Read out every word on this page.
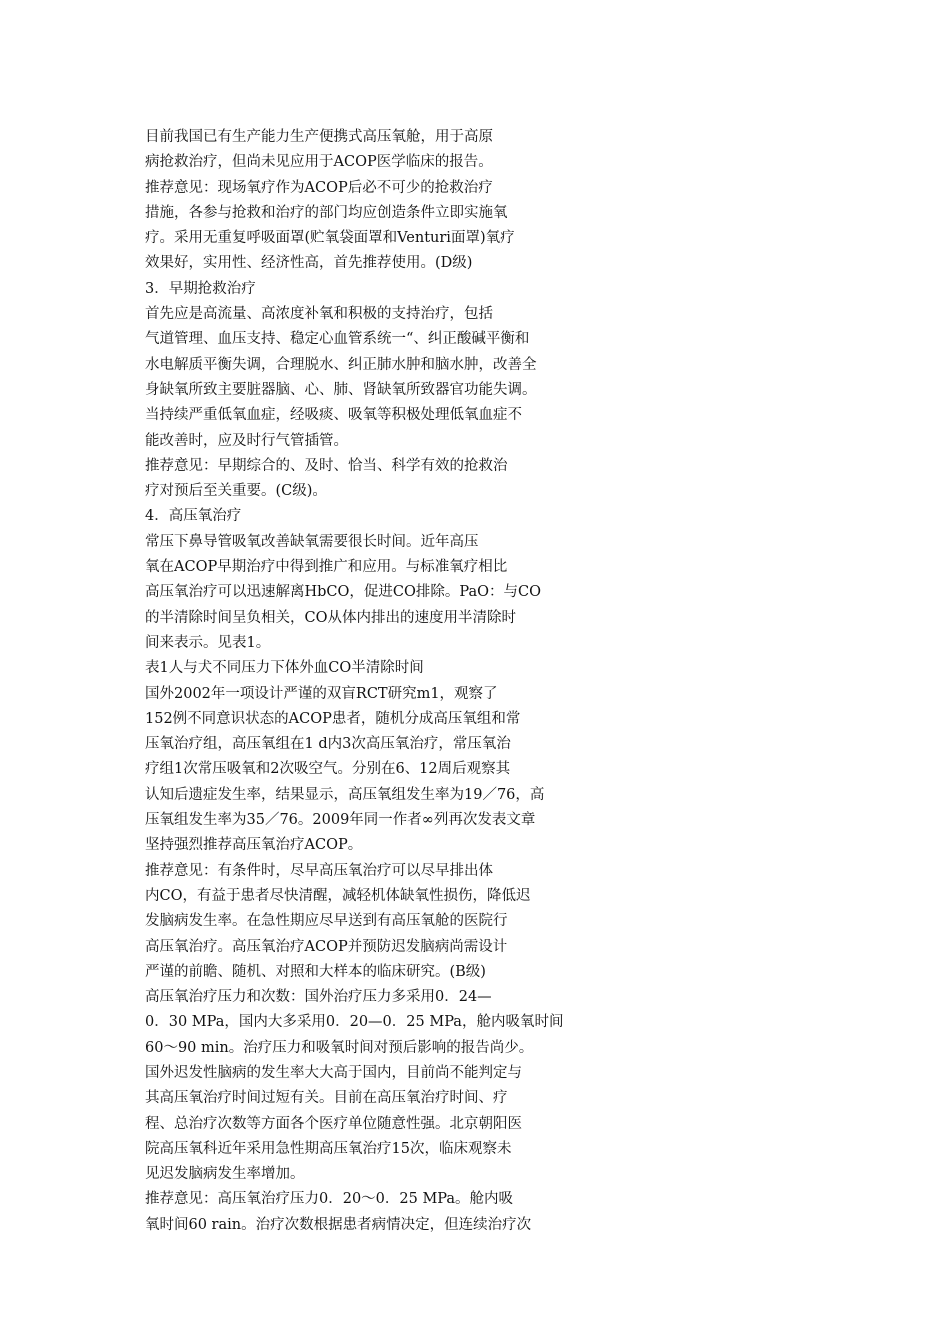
目前我国已有生产能力生产便携式高压氧舱，用于高原
病抢救治疗，但尚未见应用于ACOP医学临床的报告。
推荐意见：现场氧疗作为ACOP后必不可少的抢救治疗
措施，各参与抢救和治疗的部门均应创造条件立即实施氧
疗。采用无重复呼吸面罩(贮氧袋面罩和Venturi面罩)氧疗
效果好，实用性、经济性高，首先推荐使用。(D级)
3．早期抢救治疗
首先应是高流量、高浓度补氧和积极的支持治疗，包括
气道管理、血压支持、稳定心血管系统一“、纠正酸碱平衡和
水电解质平衡失调，合理脱水、纠正肺水肿和脑水肿，改善全
身缺氧所致主要脏器脑、心、肺、肾缺氧所致器官功能失调。
当持续严重低氧血症，经吸痰、吸氧等积极处理低氧血症不
能改善时，应及时行气管插管。
推荐意见：早期综合的、及时、恰当、科学有效的抢救治
疗对预后至关重要。(C级)。
4．高压氧治疗
常压下鼻导管吸氧改善缺氧需要很长时间。近年高压
氧在ACOP早期治疗中得到推广和应用。与标准氧疗相比
高压氧治疗可以迅速解离HbCO，促进CO排除。PaO：与CO
的半清除时间呈负相关，CO从体内排出的速度用半清除时
间来表示。见表1。
表1人与犬不同压力下体外血CO半清除时间
国外2002年一项设计严谨的双盲RCT研究m1，观察了
152例不同意识状态的ACOP患者，随机分成高压氧组和常
压氧治疗组，高压氧组在1 d内3次高压氧治疗，常压氧治
疗组1次常压吸氧和2次吸空气。分别在6、12周后观察其
认知后遗症发生率，结果显示，高压氧组发生率为19／76，高
压氧组发生率为35／76。2009年同一作者∞列再次发表文章
坚持强烈推荐高压氧治疗ACOP。
推荐意见：有条件时，尽早高压氧治疗可以尽早排出体
内CO，有益于患者尽快清醒，减轻机体缺氧性损伤，降低迟
发脑病发生率。在急性期应尽早送到有高压氧舱的医院行
高压氧治疗。高压氧治疗ACOP并预防迟发脑病尚需设计
严谨的前瞻、随机、对照和大样本的临床研究。(B级)
高压氧治疗压力和次数：国外治疗压力多采用0．24—
0．30 MPa，国内大多采用0．20—0．25 MPa，舱内吸氧时间
60～90 min。治疗压力和吸氧时间对预后影响的报告尚少。
国外迟发性脑病的发生率大大高于国内，目前尚不能判定与
其高压氧治疗时间过短有关。目前在高压氧治疗时间、疗
程、总治疗次数等方面各个医疗单位随意性强。北京朝阳医
院高压氧科近年采用急性期高压氧治疗15次，临床观察未
见迟发脑病发生率增加。
推荐意见：高压氧治疗压力0．20～0．25 MPa。舱内吸
氧时间60 rain。治疗次数根据患者病情决定，但连续治疗次
